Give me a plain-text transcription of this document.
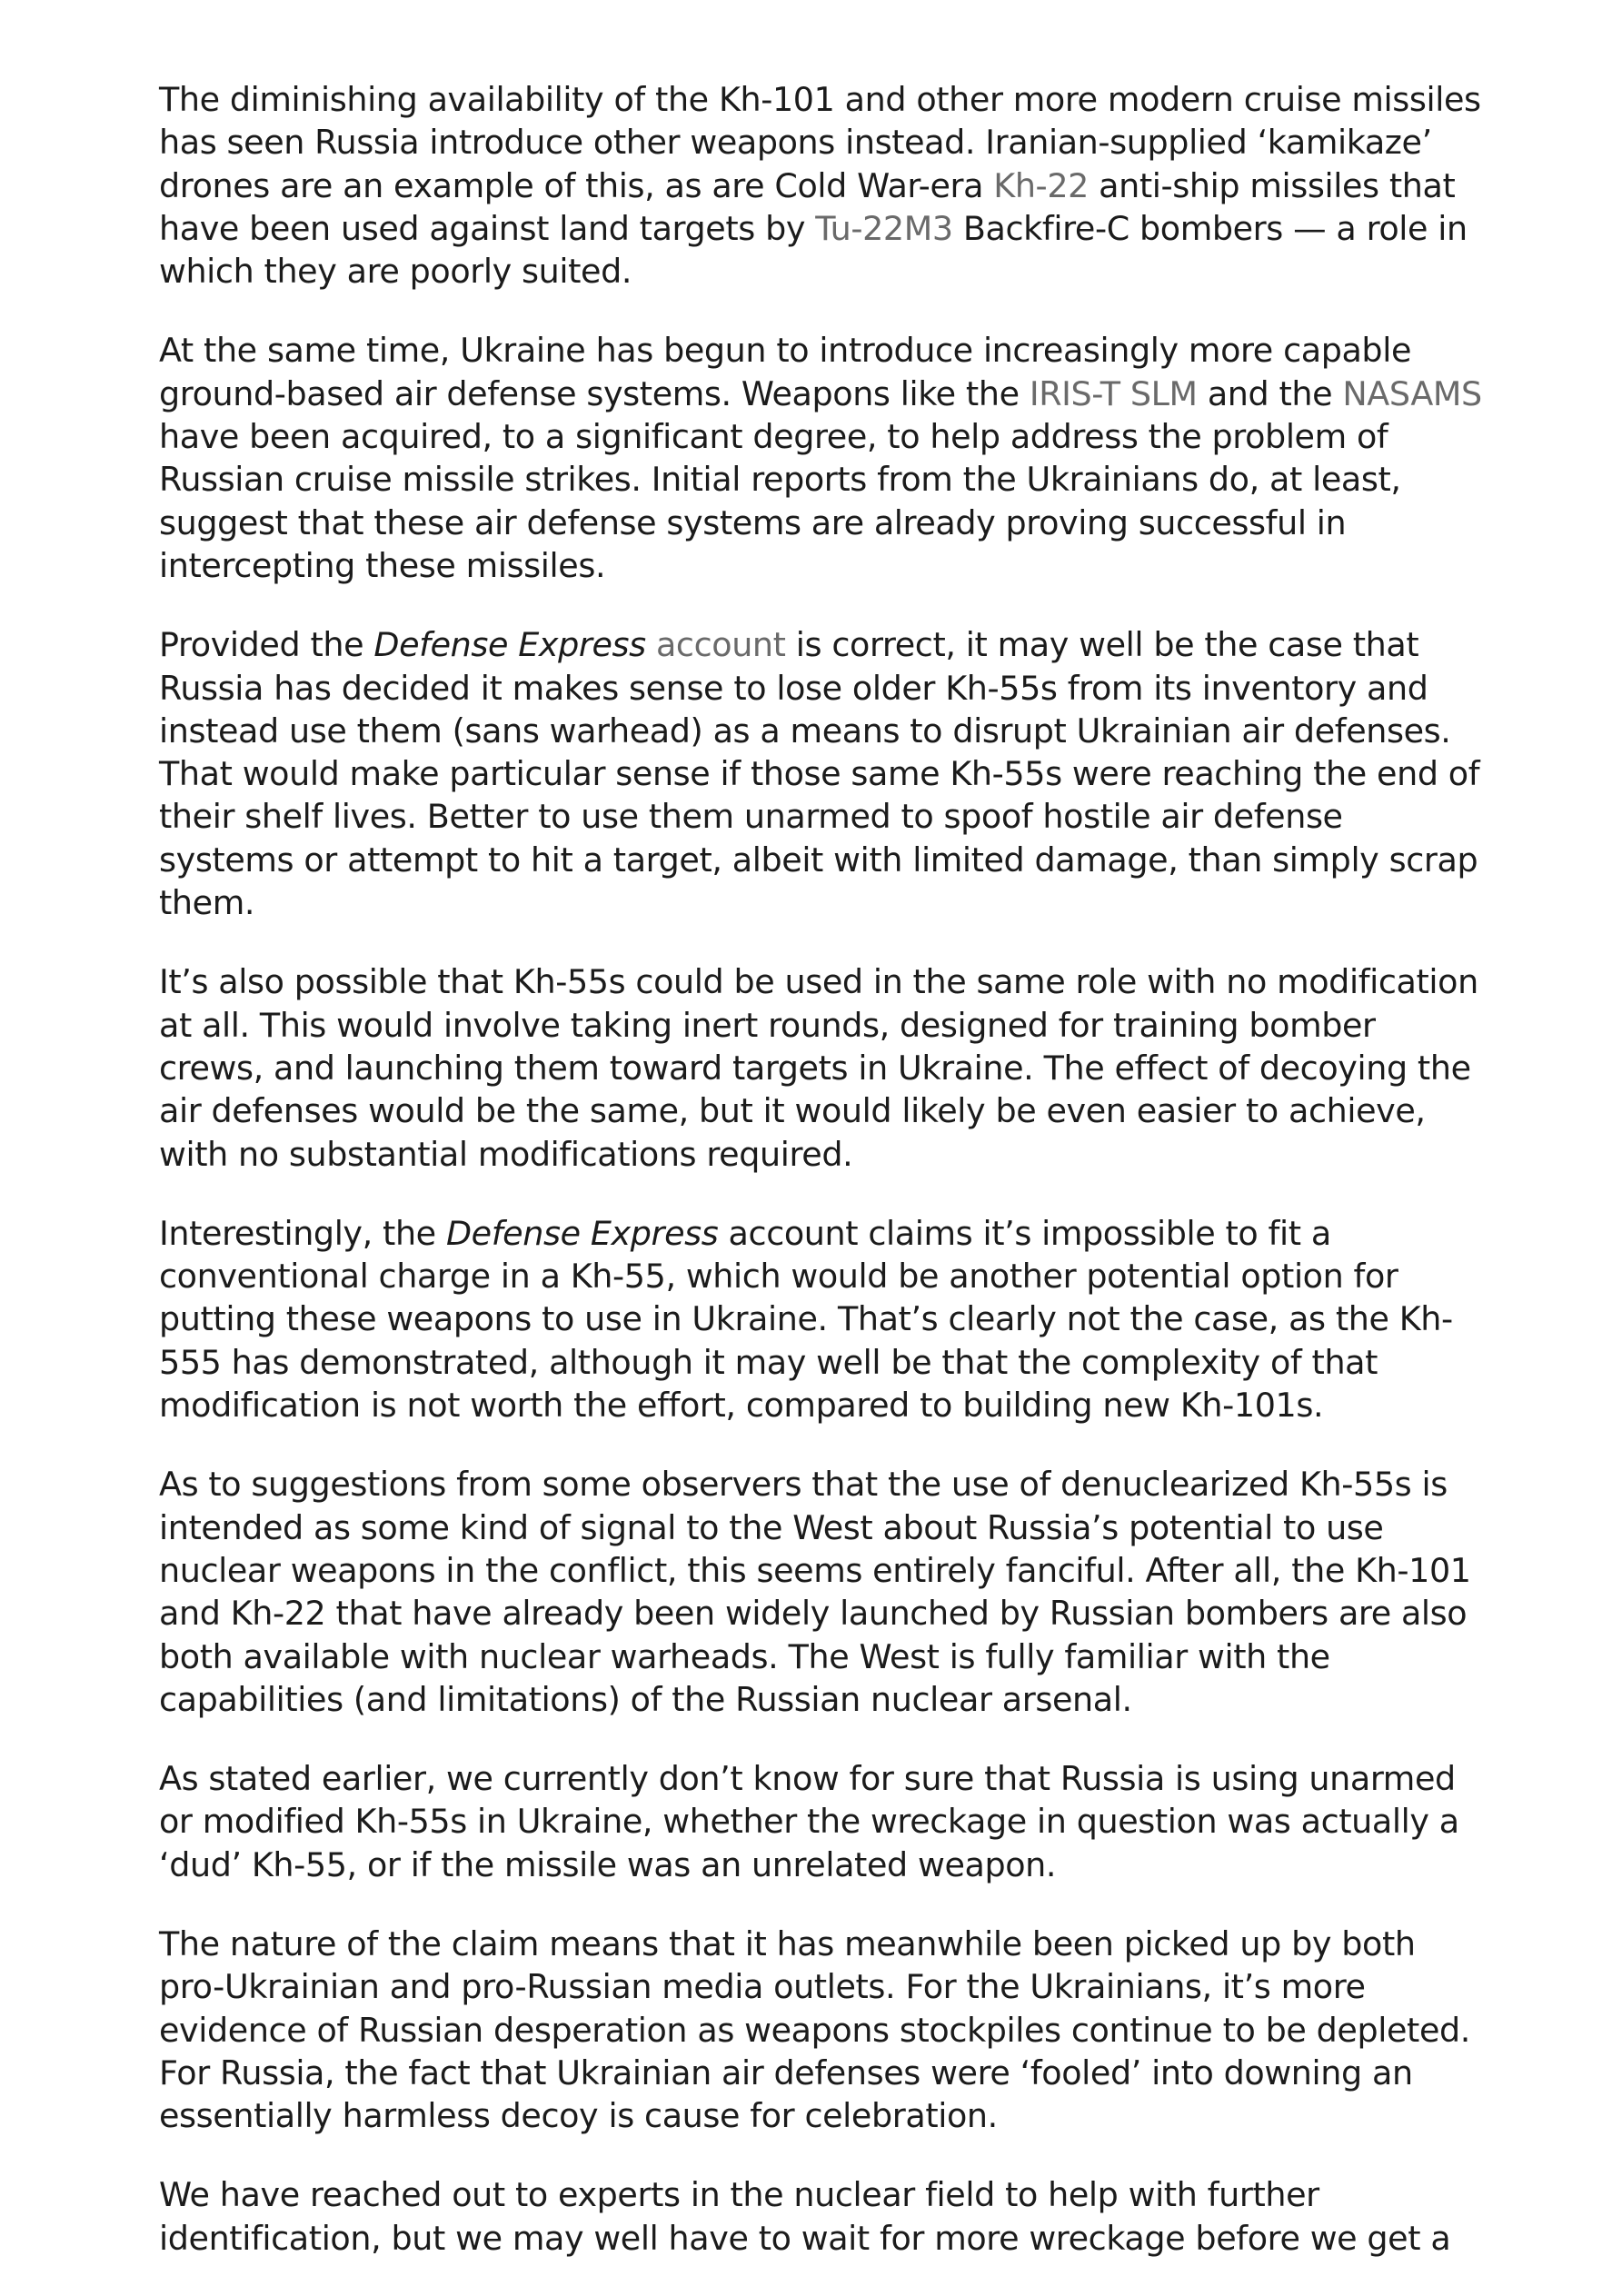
The diminishing availability of the Kh-101 and other more modern cruise missiles has seen Russia introduce other weapons instead. Iranian-supplied ‘kamikaze’ drones are an example of this, as are Cold War-era Kh-22 anti-ship missiles that have been used against land targets by Tu-22M3 Backfire-C bombers — a role in which they are poorly suited.

At the same time, Ukraine has begun to introduce increasingly more capable ground-based air defense systems. Weapons like the IRIS-T SLM and the NASAMS have been acquired, to a significant degree, to help address the problem of Russian cruise missile strikes. Initial reports from the Ukrainians do, at least, suggest that these air defense systems are already proving successful in intercepting these missiles.

Provided the Defense Express account is correct, it may well be the case that Russia has decided it makes sense to lose older Kh-55s from its inventory and instead use them (sans warhead) as a means to disrupt Ukrainian air defenses. That would make particular sense if those same Kh-55s were reaching the end of their shelf lives. Better to use them unarmed to spoof hostile air defense systems or attempt to hit a target, albeit with limited damage, than simply scrap them.

It’s also possible that Kh-55s could be used in the same role with no modification at all. This would involve taking inert rounds, designed for training bomber crews, and launching them toward targets in Ukraine. The effect of decoying the air defenses would be the same, but it would likely be even easier to achieve, with no substantial modifications required.

Interestingly, the Defense Express account claims it’s impossible to fit a conventional charge in a Kh-55, which would be another potential option for putting these weapons to use in Ukraine. That’s clearly not the case, as the Kh-555 has demonstrated, although it may well be that the complexity of that modification is not worth the effort, compared to building new Kh-101s.

As to suggestions from some observers that the use of denuclearized Kh-55s is intended as some kind of signal to the West about Russia’s potential to use nuclear weapons in the conflict, this seems entirely fanciful. After all, the Kh-101 and Kh-22 that have already been widely launched by Russian bombers are also both available with nuclear warheads. The West is fully familiar with the capabilities (and limitations) of the Russian nuclear arsenal.

As stated earlier, we currently don’t know for sure that Russia is using unarmed or modified Kh-55s in Ukraine, whether the wreckage in question was actually a ‘dud’ Kh-55, or if the missile was an unrelated weapon.

The nature of the claim means that it has meanwhile been picked up by both pro-Ukrainian and pro-Russian media outlets. For the Ukrainians, it’s more evidence of Russian desperation as weapons stockpiles continue to be depleted. For Russia, the fact that Ukrainian air defenses were ‘fooled’ into downing an essentially harmless decoy is cause for celebration.

We have reached out to experts in the nuclear field to help with further identification, but we may well have to wait for more wreckage before we get a
